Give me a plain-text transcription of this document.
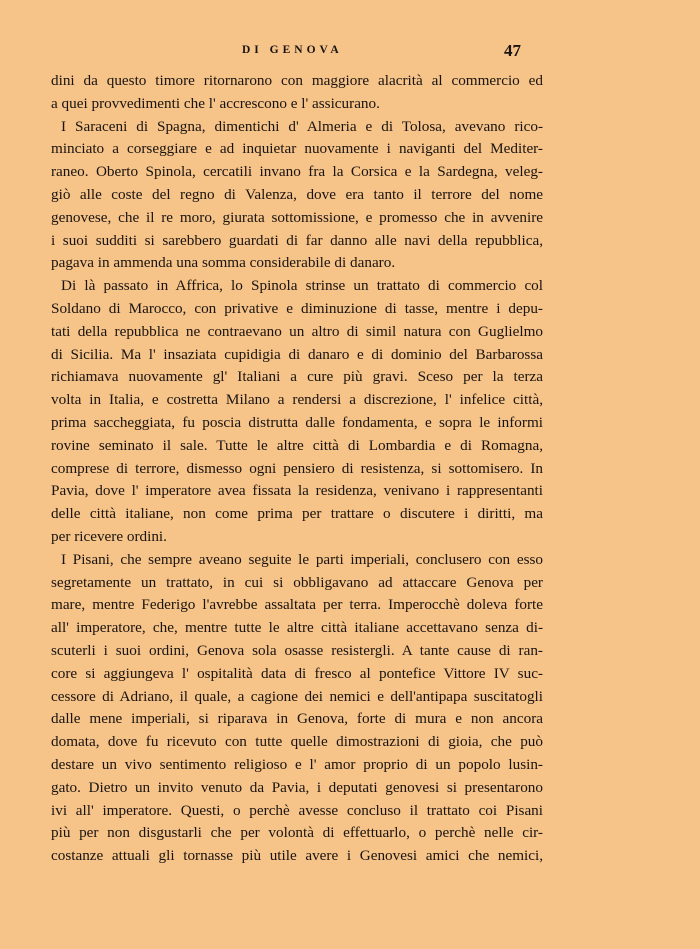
DI GENOVA	47
dini da questo timore ritornarono con maggiore alacrità al commercio ed
a quei provvedimenti che l' accrescono e l' assicurano.
I Saraceni di Spagna, dimentichi d' Almeria e di Tolosa, avevano rico-
minciato a corseggiare e ad inquietar nuovamente i naviganti del Mediter-
raneo. Oberto Spinola, cercatili invano fra la Corsica e la Sardegna, veleg-
giò alle coste del regno di Valenza, dove era tanto il terrore del nome
genovese, che il re moro, giurata sottomissione, e promesso che in avvenire
i suoi sudditi si sarebbero guardati di far danno alle navi della repubblica,
pagava in ammenda una somma considerabile di danaro.
Di là passato in Affrica, lo Spinola strinse un trattato di commercio col
Soldano di Marocco, con privative e diminuzione di tasse, mentre i depu-
tati della repubblica ne contraevano un altro di simil natura con Guglielmo
di Sicilia. Ma l' insaziata cupidigia di danaro e di dominio del Barbarossa
richiamava nuovamente gl' Italiani a cure più gravi. Sceso per la terza
volta in Italia, e costretta Milano a rendersi a discrezione, l' infelice città,
prima saccheggiata, fu poscia distrutta dalle fondamenta, e sopra le informi
rovine seminato il sale. Tutte le altre città di Lombardia e di Romagna,
comprese di terrore, dismesso ogni pensiero di resistenza, si sottomisero. In
Pavia, dove l' imperatore avea fissata la residenza, venivano i rappresentanti
delle città italiane, non come prima per trattare o discutere i diritti, ma
per ricevere ordini.
I Pisani, che sempre aveano seguite le parti imperiali, conclusero con esso
segretamente un trattato, in cui si obbligavano ad attaccare Genova per
mare, mentre Federigo l'avrebbe assaltata per terra. Imperocchè doleva forte
all' imperatore, che, mentre tutte le altre città italiane accettavano senza di-
scuterli i suoi ordini, Genova sola osasse resistergli. A tante cause di ran-
core si aggiungeva l' ospitalità data di fresco al pontefice Vittore IV suc-
cessore di Adriano, il quale, a cagione dei nemici e dell'antipapa suscitatogli
dalle mene imperiali, si riparava in Genova, forte di mura e non ancora
domata, dove fu ricevuto con tutte quelle dimostrazioni di gioia, che può
destare un vivo sentimento religioso e l' amor proprio di un popolo lusin-
gato. Dietro un invito venuto da Pavia, i deputati genovesi si presentarono
ivi all' imperatore. Questi, o perchè avesse concluso il trattato coi Pisani
più per non disgustarli che per volontà di effettuarlo, o perchè nelle cir-
costanze attuali gli tornasse più utile avere i Genovesi amici che nemici,
